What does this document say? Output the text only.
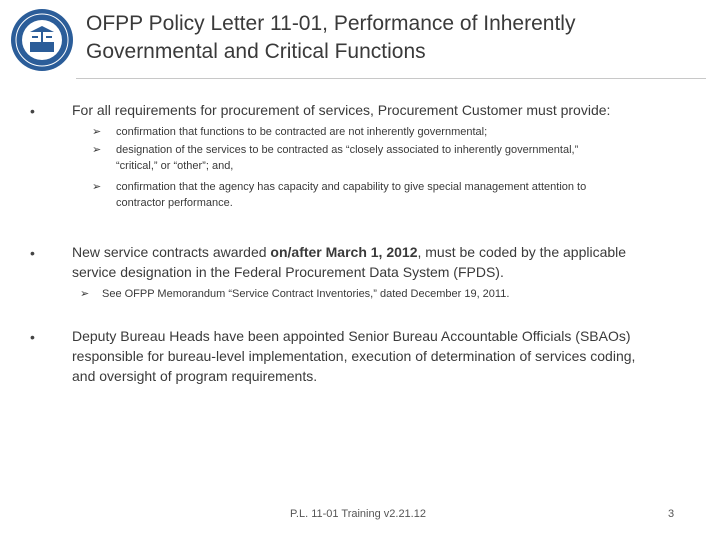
OFPP Policy Letter 11-01, Performance of Inherently
Governmental and Critical Functions
•	For all requirements for procurement of services, Procurement Customer must provide:
➢ confirmation that functions to be contracted are not inherently governmental;
➢ designation of the services to be contracted as “closely associated to inherently governmental,”
“critical,” or “other”; and,
➢ confirmation that the agency has capacity and capability to give special management attention to
contractor performance.
•	New service contracts awarded on/after March 1, 2012, must be coded by the applicable
service designation in the Federal Procurement Data System (FPDS).
➢ See OFPP Memorandum “Service Contract Inventories,” dated December 19, 2011.
•	Deputy Bureau Heads have been appointed Senior Bureau Accountable Officials (SBAOs)
responsible for bureau-level implementation, execution of determination of services coding,
and oversight of program requirements.
P.L. 11-01 Training v2.21.12	3
